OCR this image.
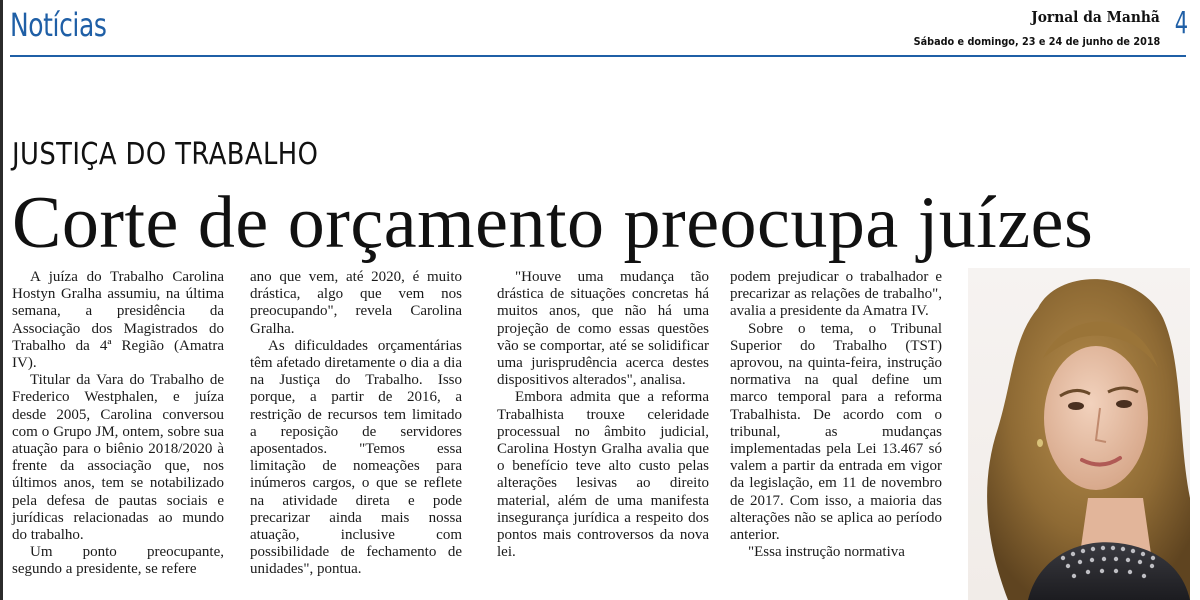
Notícias	Jornal da Manhã
Sábado e domingo, 23 e 24 de junho de 2018
4
JUSTIÇA DO TRABALHO
Corte de orçamento preocupa juízes

A juíza do Trabalho Carolina Hostyn Gralha assumiu, na última semana, a presidência da Associação dos Magistrados do Trabalho da 4ª Região (Amatra IV).

Titular da Vara do Trabalho de Frederico Westphalen, e juíza desde 2005, Carolina conversou com o Grupo JM, ontem, sobre sua atuação para o biênio 2018/2020 à frente da associação que, nos últimos anos, tem se notabilizado pela defesa de pautas sociais e jurídicas relacionadas ao mundo do trabalho.

Um ponto preocupante, segundo a presidente, se refere

ano que vem, até 2020, é muito drástica, algo que vem nos preocupando", revela Carolina Gralha.

As dificuldades orçamentárias têm afetado diretamente o dia a dia na Justiça do Trabalho. Isso porque, a partir de 2016, a restrição de recursos tem limitado a reposição de servidores aposentados. "Temos essa limitação de nomeações para inúmeros cargos, o que se reflete na atividade direta e pode precarizar ainda mais nossa atuação, inclusive com possibilidade de fechamento de unidades", pontua.

"Houve uma mudança tão drástica de situações concretas há muitos anos, que não há uma projeção de como essas questões vão se comportar, até se solidificar uma jurisprudência acerca destes dispositivos alterados", analisa.

Embora admita que a reforma Trabalhista trouxe celeridade processual no âmbito judicial, Carolina Hostyn Gralha avalia que o benefício teve alto custo pelas alterações lesivas ao direito material, além de uma manifesta insegurança jurídica a respeito dos pontos mais controversos da nova lei.

podem prejudicar o trabalhador e precarizar as relações de trabalho", avalia a presidente da Amatra IV.

Sobre o tema, o Tribunal Superior do Trabalho (TST) aprovou, na quinta-feira, instrução normativa na qual define um marco temporal para a reforma Trabalhista. De acordo com o tribunal, as mudanças implementadas pela Lei 13.467 só valem a partir da entrada em vigor da legislação, em 11 de novembro de 2017. Com isso, a maioria das alterações não se aplica ao período anterior.

"Essa instrução normativa
